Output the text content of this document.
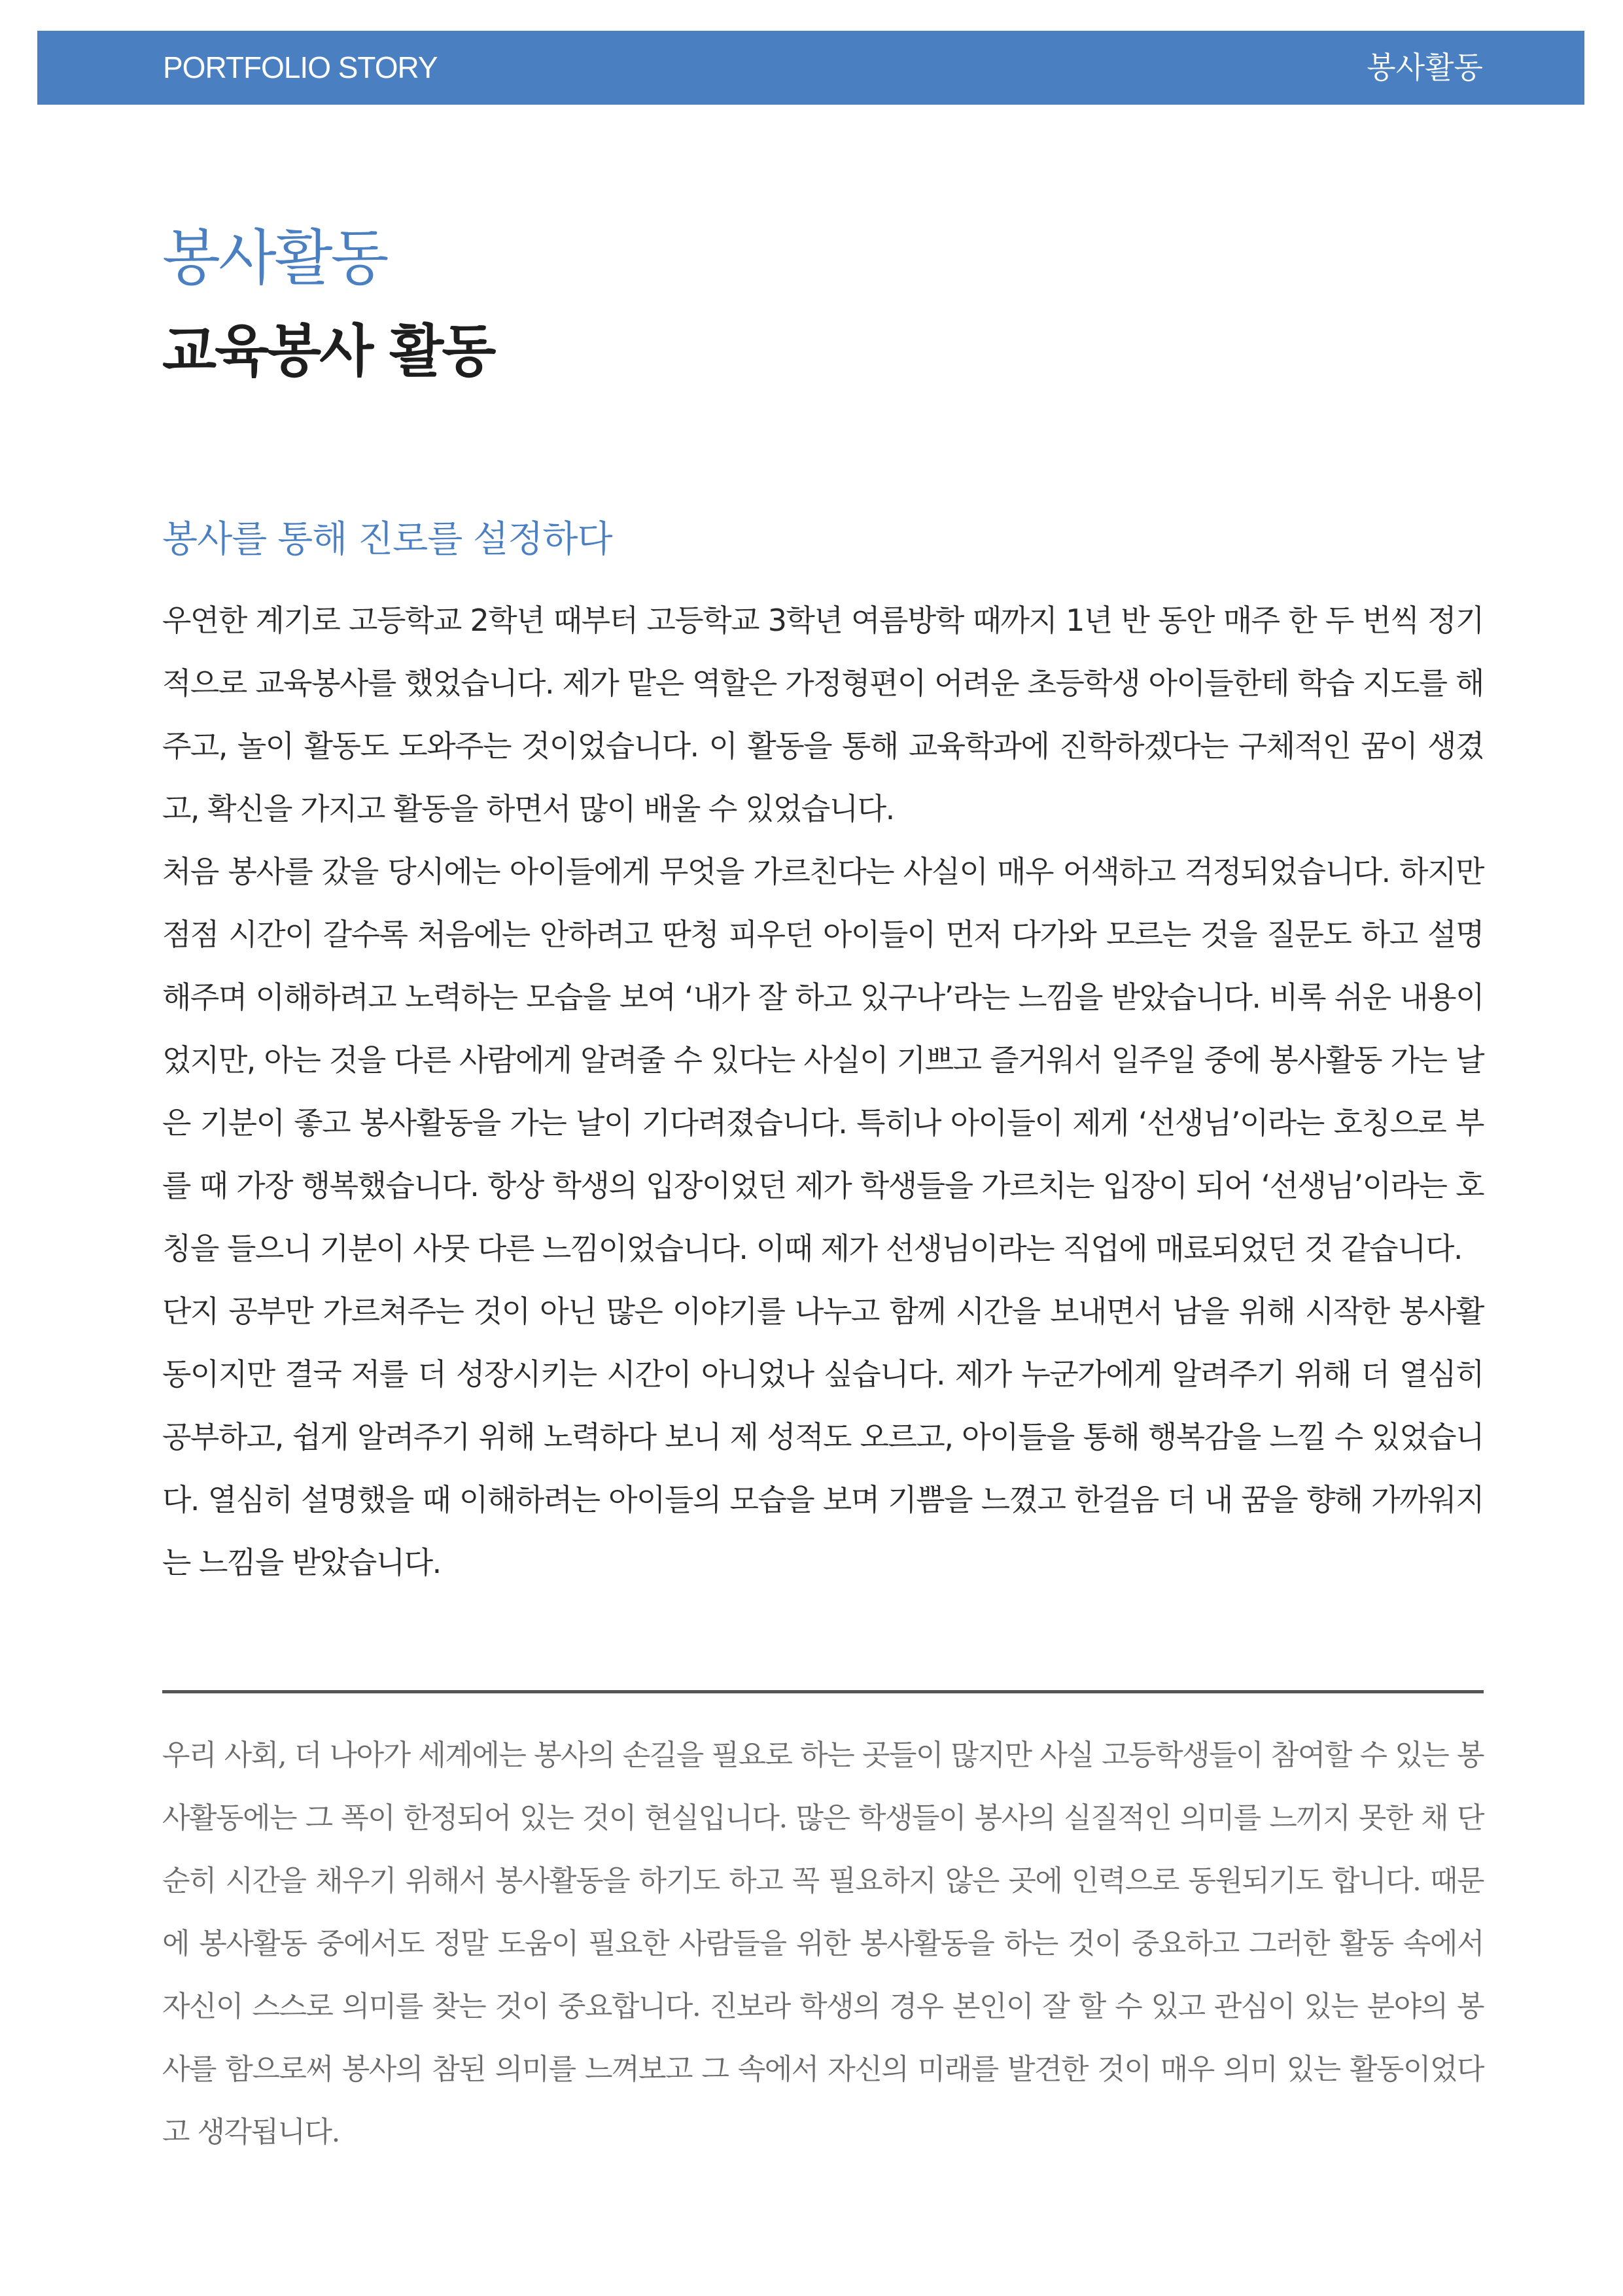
PORTFOLIO STORY	봉사활동
봉사활동
교육봉사 활동
봉사를 통해 진로를 설정하다

우연한 계기로 고등학교 2학년 때부터 고등학교 3학년 여름방학 때까지 1년 반 동안 매주 한 두 번씩 정기적으로 교육봉사를 했었습니다. 제가 맡은 역할은 가정형편이 어려운 초등학생 아이들한테 학습 지도를 해주고, 놀이 활동도 도와주는 것이었습니다. 이 활동을 통해 교육학과에 진학하겠다는 구체적인 꿈이 생겼고, 확신을 가지고 활동을 하면서 많이 배울 수 있었습니다.

처음 봉사를 갔을 당시에는 아이들에게 무엇을 가르친다는 사실이 매우 어색하고 걱정되었습니다. 하지만 점점 시간이 갈수록 처음에는 안하려고 딴청 피우던 아이들이 먼저 다가와 모르는 것을 질문도 하고 설명해주며 이해하려고 노력하는 모습을 보여 ‘내가 잘 하고 있구나’라는 느낌을 받았습니다. 비록 쉬운 내용이었지만, 아는 것을 다른 사람에게 알려줄 수 있다는 사실이 기쁘고 즐거워서 일주일 중에 봉사활동 가는 날은 기분이 좋고 봉사활동을 가는 날이 기다려졌습니다. 특히나 아이들이 제게 ‘선생님’이라는 호칭으로 부를 때 가장 행복했습니다. 항상 학생의 입장이었던 제가 학생들을 가르치는 입장이 되어 ‘선생님’이라는 호칭을 들으니 기분이 사뭇 다른 느낌이었습니다. 이때 제가 선생님이라는 직업에 매료되었던 것 같습니다.

단지 공부만 가르쳐주는 것이 아닌 많은 이야기를 나누고 함께 시간을 보내면서 남을 위해 시작한 봉사활동이지만 결국 저를 더 성장시키는 시간이 아니었나 싶습니다. 제가 누군가에게 알려주기 위해 더 열심히 공부하고, 쉽게 알려주기 위해 노력하다 보니 제 성적도 오르고, 아이들을 통해 행복감을 느낄 수 있었습니다. 열심히 설명했을 때 이해하려는 아이들의 모습을 보며 기쁨을 느꼈고 한걸음 더 내 꿈을 향해 가까워지는 느낌을 받았습니다.

우리 사회, 더 나아가 세계에는 봉사의 손길을 필요로 하는 곳들이 많지만 사실 고등학생들이 참여할 수 있는 봉사활동에는 그 폭이 한정되어 있는 것이 현실입니다. 많은 학생들이 봉사의 실질적인 의미를 느끼지 못한 채 단순히 시간을 채우기 위해서 봉사활동을 하기도 하고 꼭 필요하지 않은 곳에 인력으로 동원되기도 합니다. 때문에 봉사활동 중에서도 정말 도움이 필요한 사람들을 위한 봉사활동을 하는 것이 중요하고 그러한 활동 속에서 자신이 스스로 의미를 찾는 것이 중요합니다. 진보라 학생의 경우 본인이 잘 할 수 있고 관심이 있는 분야의 봉사를 함으로써 봉사의 참된 의미를 느껴보고 그 속에서 자신의 미래를 발견한 것이 매우 의미 있는 활동이었다고 생각됩니다.
